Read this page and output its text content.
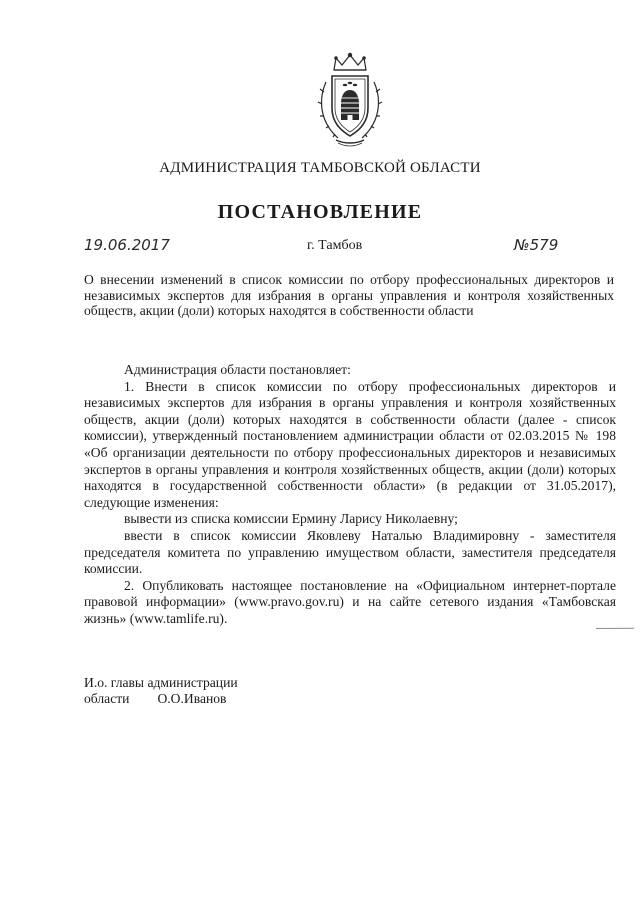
АДМИНИСТРАЦИЯ ТАМБОВСКОЙ ОБЛАСТИ
ПОСТАНОВЛЕНИЕ
19.06.2017	г. Тамбов	№579
О внесении изменений в список комиссии по отбору профессиональных директоров и независимых экспертов для избрания в органы управления и контроля хозяйственных обществ, акции (доли) которых находятся в собственности области

Администрация области постановляет:

1. Внести в список комиссии по отбору профессиональных директоров и независимых экспертов для избрания в органы управления и контроля хозяйственных обществ, акции (доли) которых находятся в собственности области (далее - список комиссии), утвержденный постановлением администрации области от 02.03.2015 № 198 «Об организации деятельности по отбору профессиональных директоров и независимых экспертов в органы управления и контроля хозяйственных обществ, акции (доли) которых находятся в государственной собственности области» (в редакции от 31.05.2017), следующие изменения:

вывести из списка комиссии Ермину Ларису Николаевну;

ввести в список комиссии Яковлеву Наталью Владимировну - заместителя председателя комитета по управлению имуществом области, заместителя председателя комиссии.

2. Опубликовать настоящее постановление на «Официальном интернет-портале правовой информации» (www.pravo.gov.ru) и на сайте сетевого издания «Тамбовская жизнь» (www.tamlife.ru).

И.о. главы администрации
области О.О.Иванов
